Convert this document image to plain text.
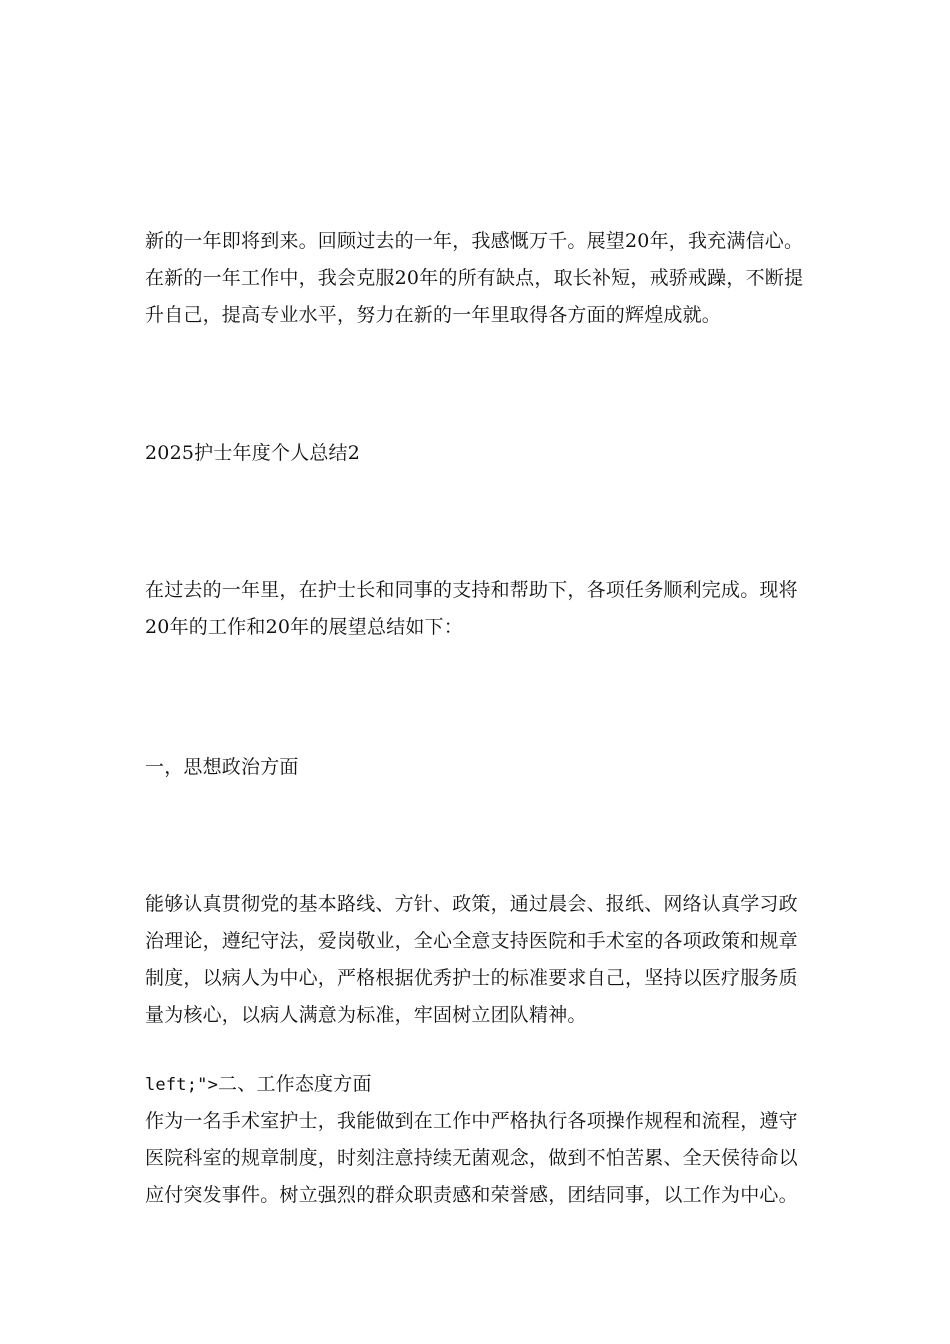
新的一年即将到来。回顾过去的一年，我感慨万千。展望20年，我充满信心。
在新的一年工作中，我会克服20年的所有缺点，取长补短，戒骄戒躁，不断提
升自己，提高专业水平，努力在新的一年里取得各方面的辉煌成就。
2025护士年度个人总结2
在过去的一年里，在护士长和同事的支持和帮助下，各项任务顺利完成。现将
20年的工作和20年的展望总结如下：
一，思想政治方面
能够认真贯彻党的基本路线、方针、政策，通过晨会、报纸、网络认真学习政
治理论，遵纪守法，爱岗敬业，全心全意支持医院和手术室的各项政策和规章
制度，以病人为中心，严格根据优秀护士的标准要求自己，坚持以医疗服务质
量为核心，以病人满意为标准，牢固树立团队精神。
left;">二、工作态度方面
作为一名手术室护士，我能做到在工作中严格执行各项操作规程和流程，遵守
医院科室的规章制度，时刻注意持续无菌观念，做到不怕苦累、全天侯待命以
应付突发事件。树立强烈的群众职责感和荣誉感，团结同事，以工作为中心。
